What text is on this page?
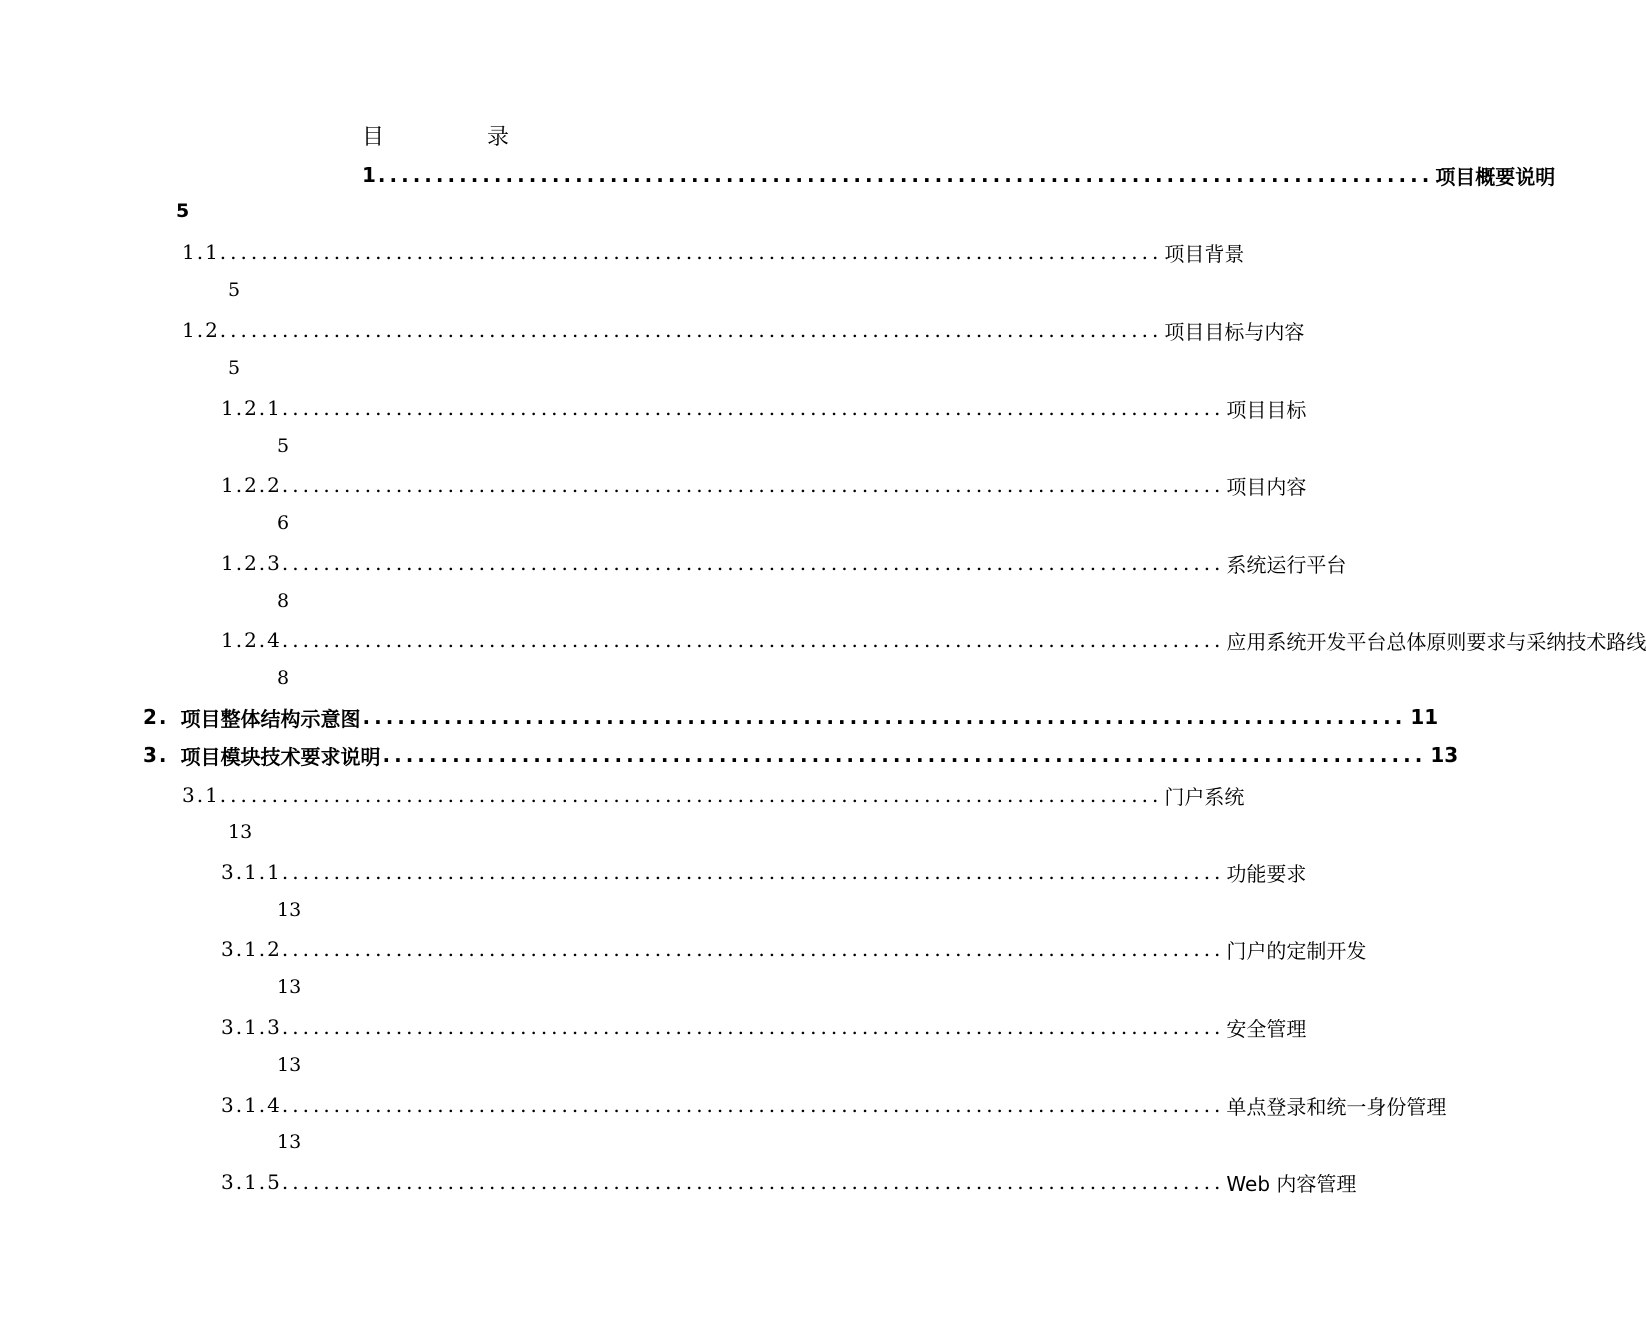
目 录
1. .......................................................................................... 项目概要说明
5
1.1. .......................................................................................... 项目背景
5
1.2. .......................................................................................... 项目目标与内容
5
1.2.1. .......................................................................................... 项目目标
5
1.2.2. .......................................................................................... 项目内容
6
1.2.3. .......................................................................................... 系统运行平台
8
1.2.4. .......................................................................................... 应用系统开发平台总体原则要求与采纳技术路线
8
2. 项目整体结构示意图 .......................................................................................... 11
3. 项目模块技术要求说明 .......................................................................................... 13
3.1. .......................................................................................... 门户系统
13
3.1.1. .......................................................................................... 功能要求
13
3.1.2. .......................................................................................... 门户的定制开发
13
3.1.3. .......................................................................................... 安全管理
13
3.1.4. .......................................................................................... 单点登录和统一身份管理
13
3.1.5. .......................................................................................... Web 内容管理
